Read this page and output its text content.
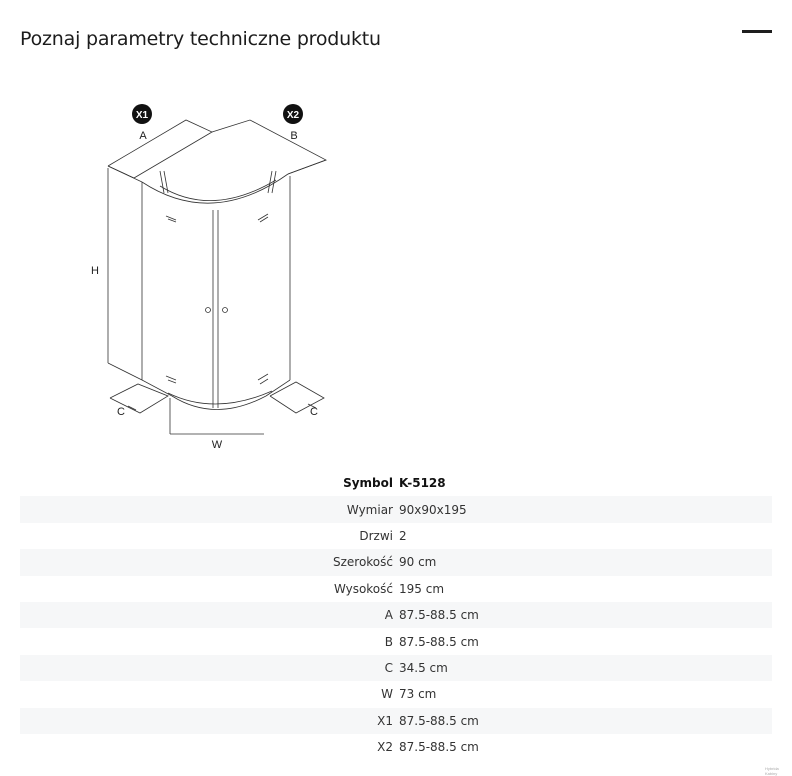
Poznaj parametry techniczne produktu
X1	X2
A	B
H
C	C
W
Symbol	K-5128
Wymiar	90x90x195
Drzwi	2
Szerokość	90 cm
Wysokość	195 cm
A	87.5-88.5 cm
B	87.5-88.5 cm
C	34.5 cm
W	73 cm
X1	87.5-88.5 cm
X2	87.5-88.5 cm
Hybrida Kabiny
